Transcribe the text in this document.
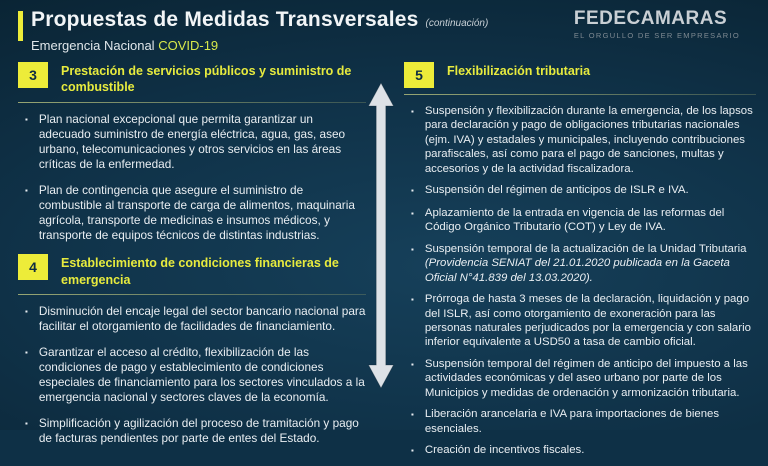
Propuestas de Medidas Transversales (continuación)
Emergencia Nacional COVID-19
FEDECAMARAS
EL ORGULLO DE SER EMPRESARIO
3	Prestación de servicios públicos y suministro de combustible
▪ Plan nacional excepcional que permita garantizar un adecuado suministro de energía eléctrica, agua, gas, aseo urbano, telecomunicaciones y otros servicios en las áreas críticas de la enfermedad.
▪ Plan de contingencia que asegure el suministro de combustible al transporte de carga de alimentos, maquinaria agrícola, transporte de medicinas e insumos médicos, y transporte de equipos técnicos de distintas industrias.
4	Establecimiento de condiciones financieras de emergencia
▪ Disminución del encaje legal del sector bancario nacional para facilitar el otorgamiento de facilidades de financiamiento.
▪ Garantizar el acceso al crédito, flexibilización de las condiciones de pago y establecimiento de condiciones especiales de financiamiento para los sectores vinculados a la emergencia nacional y sectores claves de la economía.
▪ Simplificación y agilización del proceso de tramitación y pago de facturas pendientes por parte de entes del Estado.
5	Flexibilización tributaria
▪ Suspensión y flexibilización durante la emergencia, de los lapsos para declaración y pago de obligaciones tributarias nacionales (ejm. IVA) y estadales y municipales, incluyendo contribuciones parafiscales, así como para el pago de sanciones, multas y accesorios y de la actividad fiscalizadora.
▪ Suspensión del régimen de anticipos de ISLR e IVA.
▪ Aplazamiento de la entrada en vigencia de las reformas del Código Orgánico Tributario (COT) y Ley de IVA.
▪ Suspensión temporal de la actualización de la Unidad Tributaria (Providencia SENIAT del 21.01.2020 publicada en la Gaceta Oficial N°41.839 del 13.03.2020).
▪ Prórroga de hasta 3 meses de la declaración, liquidación y pago del ISLR, así como otorgamiento de exoneración para las personas naturales perjudicados por la emergencia y con salario inferior equivalente a USD50 a tasa de cambio oficial.
▪ Suspensión temporal del régimen de anticipo del impuesto a las actividades económicas y del aseo urbano por parte de los Municipios y medidas de ordenación y armonización tributaria.
▪ Liberación arancelaria e IVA para importaciones de bienes esenciales.
▪ Creación de incentivos fiscales.
